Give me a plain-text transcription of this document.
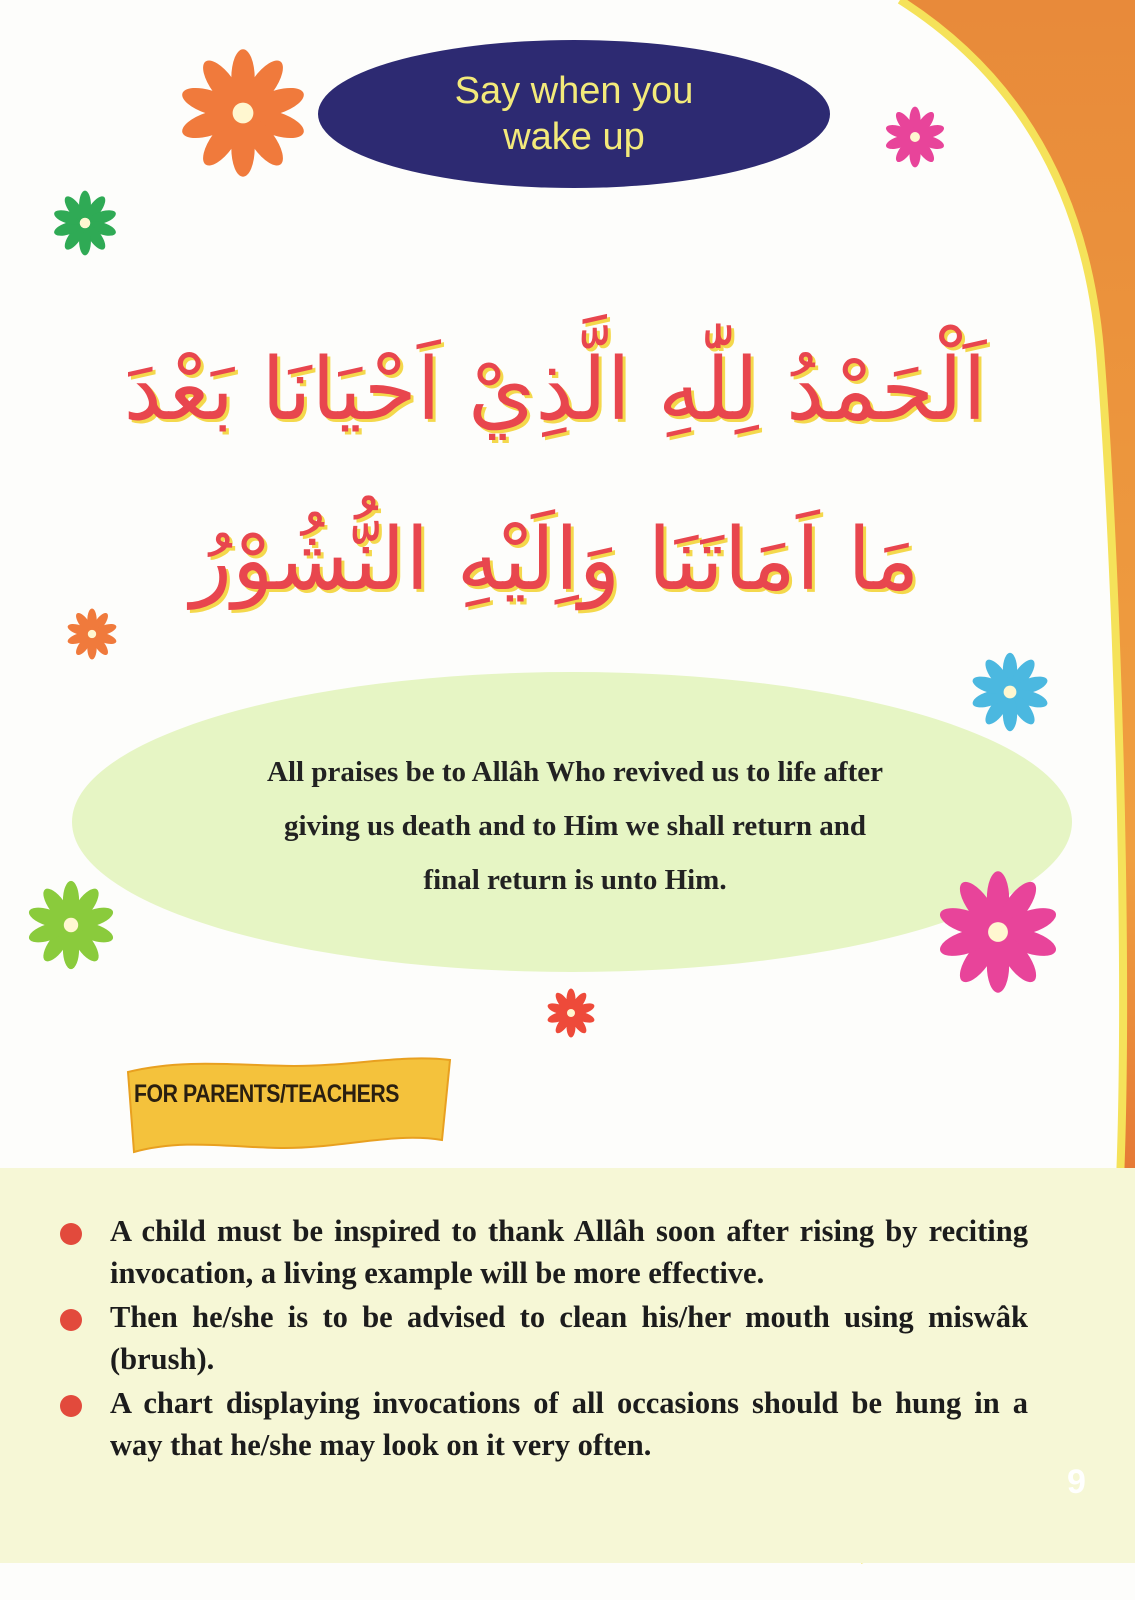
Say when you
wake up
اَلْحَمْدُ لِلّٰهِ الَّذِيْ اَحْيَانَا بَعْدَ
مَا اَمَاتَنَا وَاِلَيْهِ النُّشُوْرُ
All praises be to Allâh Who revived us to life after
giving us death and to Him we shall return and
final return is unto Him.
FOR PARENTS/TEACHERS
A child must be inspired to thank Allâh soon after rising by reciting invocation, a living example will be more effective.
Then he/she is to be advised to clean his/her mouth using miswâk (brush).
A chart displaying invocations of all occasions should be hung in a way that he/she may look on it very often.
9
